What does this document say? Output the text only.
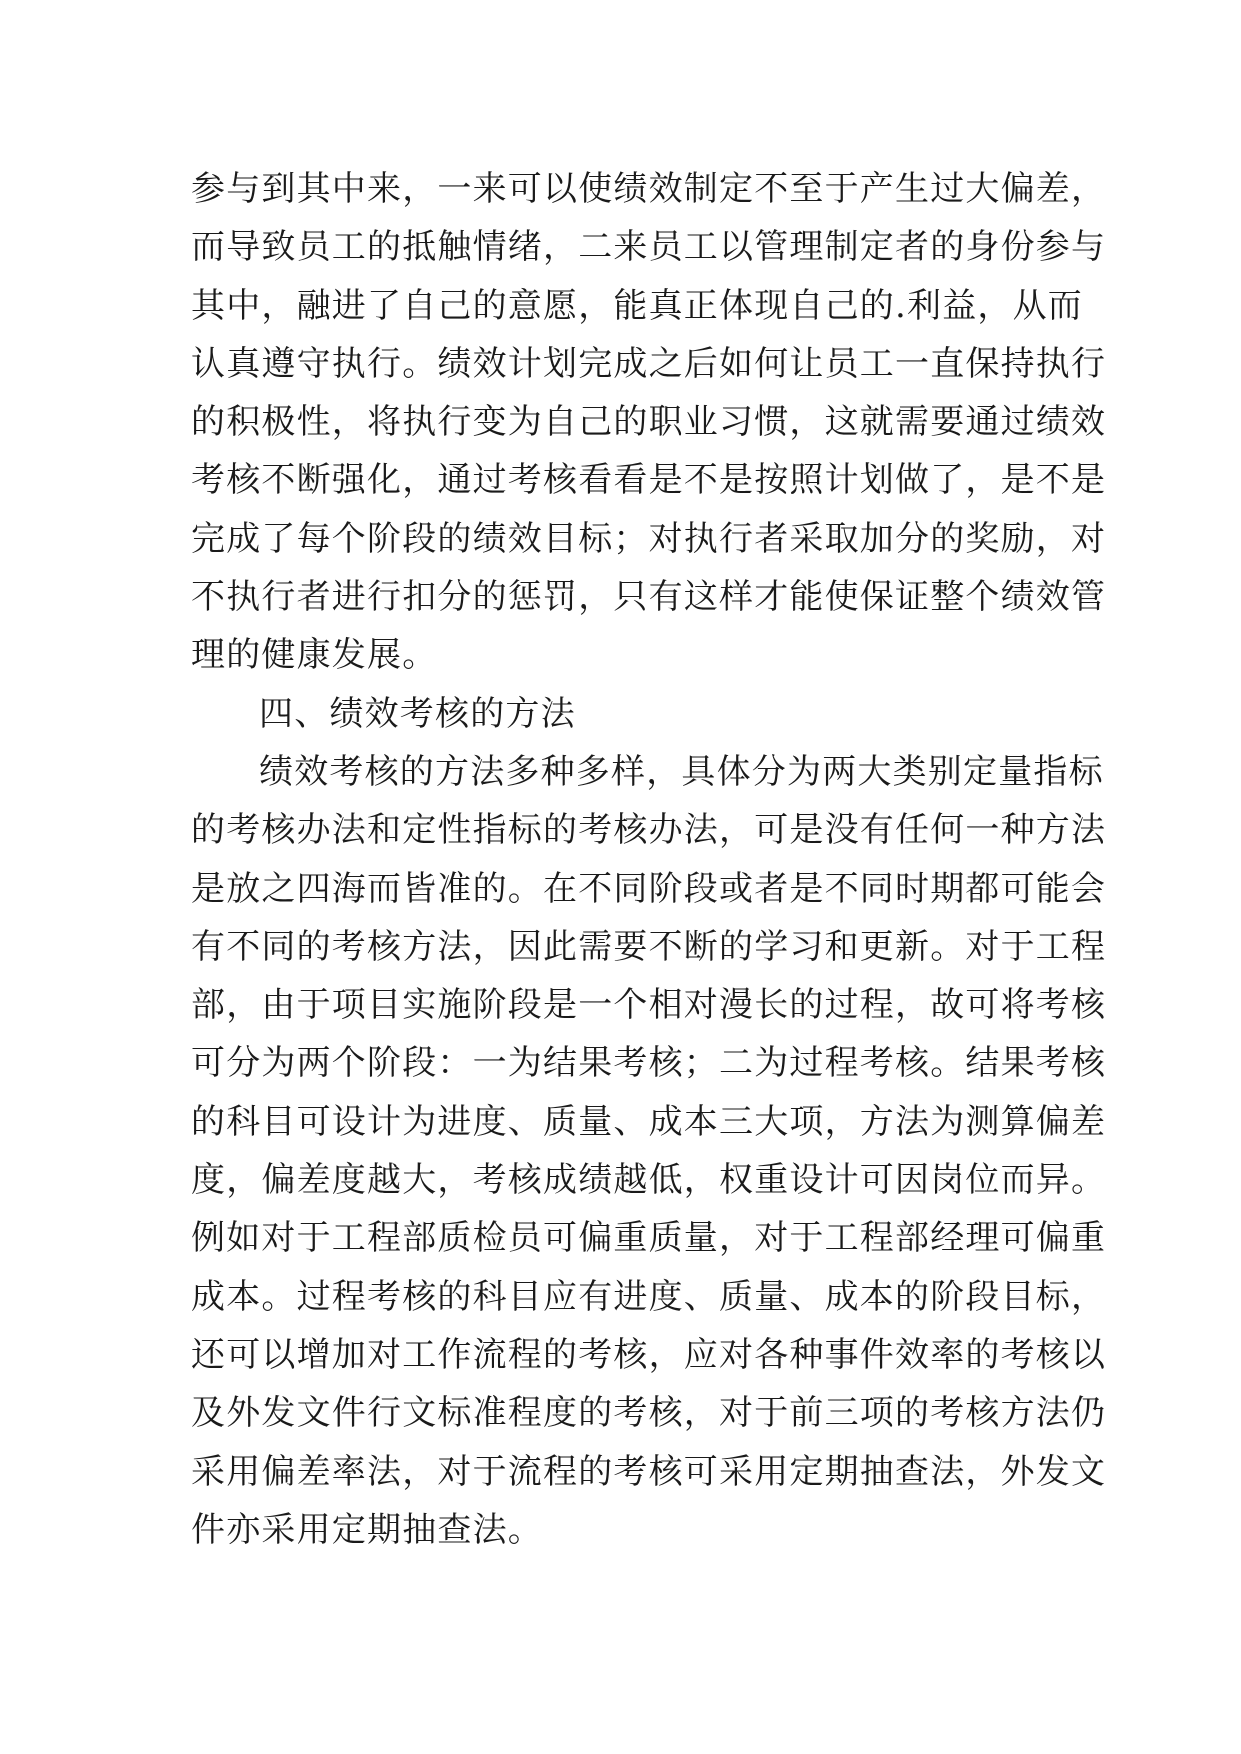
参与到其中来，一来可以使绩效制定不至于产生过大偏差，
而导致员工的抵触情绪，二来员工以管理制定者的身份参与
其中，融进了自己的意愿，能真正体现自己的.利益，从而
认真遵守执行。绩效计划完成之后如何让员工一直保持执行
的积极性，将执行变为自己的职业习惯，这就需要通过绩效
考核不断强化，通过考核看看是不是按照计划做了，是不是
完成了每个阶段的绩效目标；对执行者采取加分的奖励，对
不执行者进行扣分的惩罚，只有这样才能使保证整个绩效管
理的健康发展。
四、绩效考核的方法
绩效考核的方法多种多样，具体分为两大类别定量指标
的考核办法和定性指标的考核办法，可是没有任何一种方法
是放之四海而皆准的。在不同阶段或者是不同时期都可能会
有不同的考核方法，因此需要不断的学习和更新。对于工程
部，由于项目实施阶段是一个相对漫长的过程，故可将考核
可分为两个阶段：一为结果考核；二为过程考核。结果考核
的科目可设计为进度、质量、成本三大项，方法为测算偏差
度，偏差度越大，考核成绩越低，权重设计可因岗位而异。
例如对于工程部质检员可偏重质量，对于工程部经理可偏重
成本。过程考核的科目应有进度、质量、成本的阶段目标，
还可以增加对工作流程的考核，应对各种事件效率的考核以
及外发文件行文标准程度的考核，对于前三项的考核方法仍
采用偏差率法，对于流程的考核可采用定期抽查法，外发文
件亦采用定期抽查法。
